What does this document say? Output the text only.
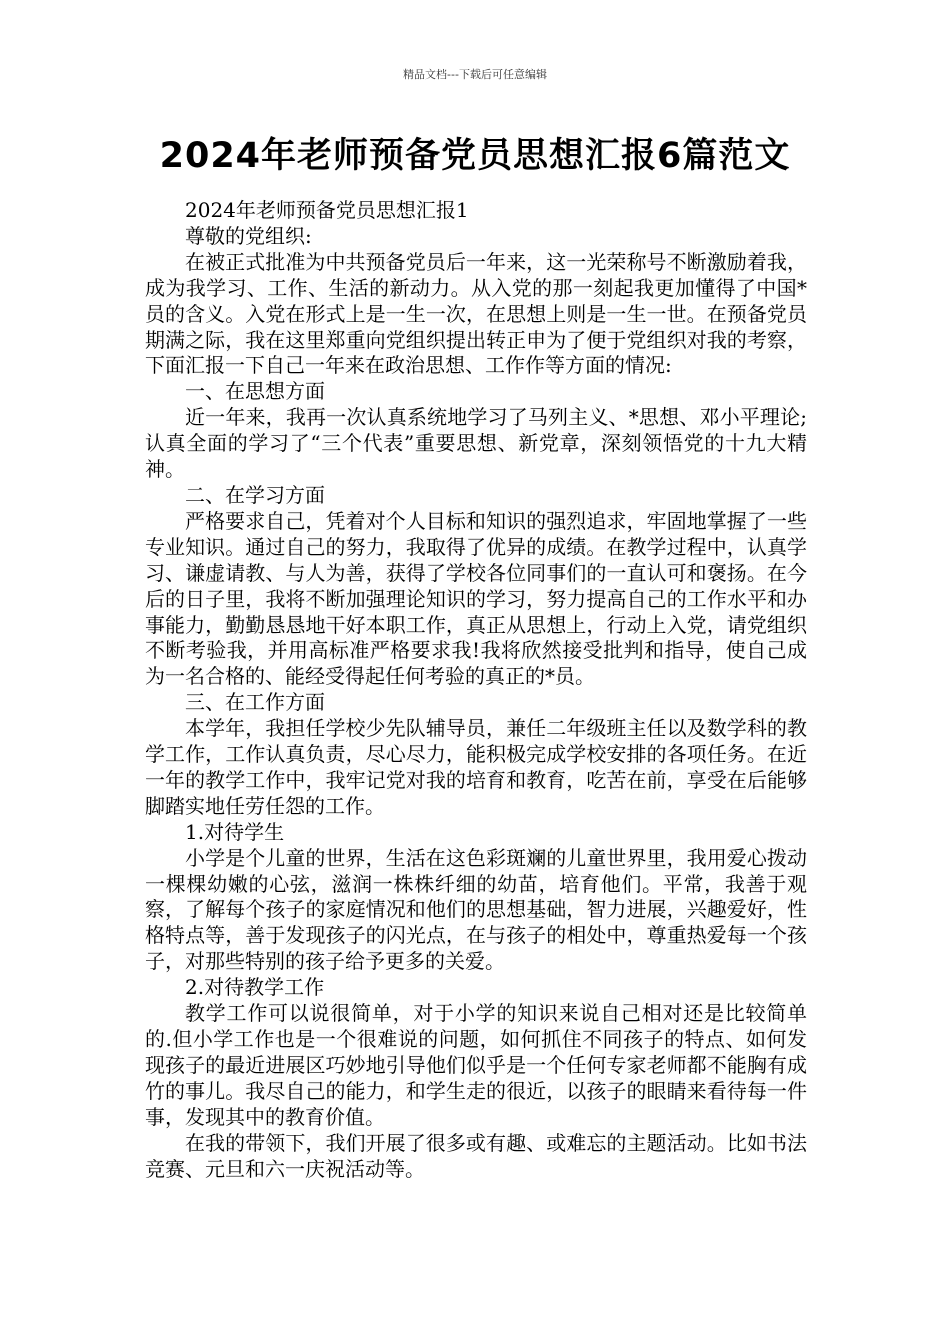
精品文档---下载后可任意编辑
2024年老师预备党员思想汇报6篇范文

2024年老师预备党员思想汇报1

尊敬的党组织:

在被正式批准为中共预备党员后一年来，这一光荣称号不断激励着我，成为我学习、工作、生活的新动力。从入党的那一刻起我更加懂得了中国*员的含义。入党在形式上是一生一次，在思想上则是一生一世。在预备党员期满之际，我在这里郑重向党组织提出转正申为了便于党组织对我的考察，下面汇报一下自己一年来在政治思想、工作作等方面的情况:

一、在思想方面

近一年来，我再一次认真系统地学习了马列主义、*思想、邓小平理论;认真全面的学习了“三个代表”重要思想、新党章，深刻领悟党的十九大精神。

二、在学习方面

严格要求自己，凭着对个人目标和知识的强烈追求，牢固地掌握了一些专业知识。通过自己的努力，我取得了优异的成绩。在教学过程中，认真学习、谦虚请教、与人为善，获得了学校各位同事们的一直认可和褒扬。在今后的日子里，我将不断加强理论知识的学习，努力提高自己的工作水平和办事能力，勤勤恳恳地干好本职工作，真正从思想上，行动上入党，请党组织不断考验我，并用高标准严格要求我!我将欣然接受批判和指导，使自己成为一名合格的、能经受得起任何考验的真正的*员。

三、在工作方面

本学年，我担任学校少先队辅导员，兼任二年级班主任以及数学科的教学工作，工作认真负责，尽心尽力，能积极完成学校安排的各项任务。在近一年的教学工作中，我牢记党对我的培育和教育，吃苦在前，享受在后能够脚踏实地任劳任怨的工作。

1.对待学生

小学是个儿童的世界，生活在这色彩斑斓的儿童世界里，我用爱心拨动一棵棵幼嫩的心弦，滋润一株株纤细的幼苗，培育他们。平常，我善于观察，了解每个孩子的家庭情况和他们的思想基础，智力进展，兴趣爱好，性格特点等，善于发现孩子的闪光点，在与孩子的相处中，尊重热爱每一个孩子，对那些特别的孩子给予更多的关爱。

2.对待教学工作

教学工作可以说很简单，对于小学的知识来说自己相对还是比较简单的.但小学工作也是一个很难说的问题，如何抓住不同孩子的特点、如何发现孩子的最近进展区巧妙地引导他们似乎是一个任何专家老师都不能胸有成竹的事儿。我尽自己的能力，和学生走的很近，以孩子的眼睛来看待每一件事，发现其中的教育价值。

在我的带领下，我们开展了很多或有趣、或难忘的主题活动。比如书法竞赛、元旦和六一庆祝活动等。
